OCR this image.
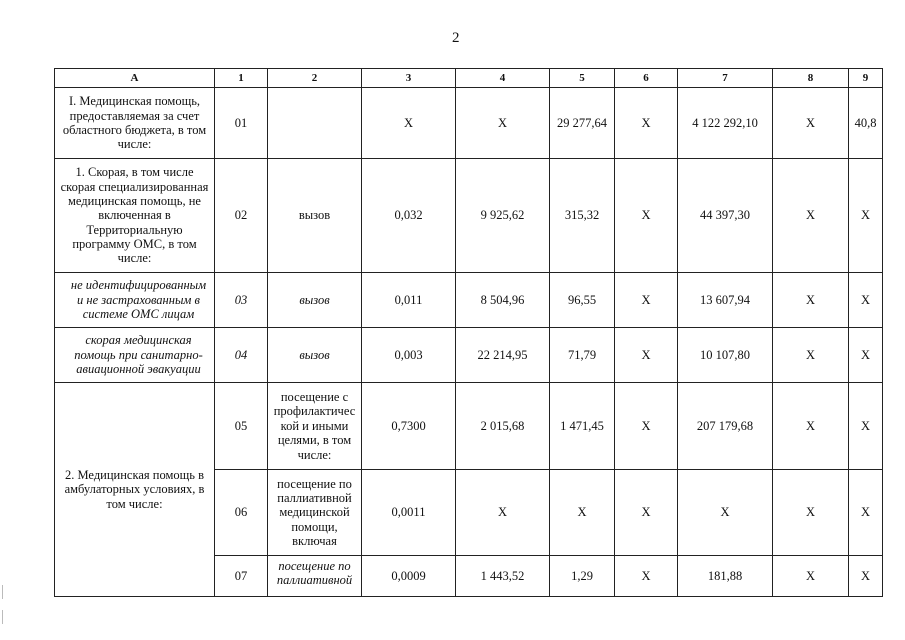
2
А	1	2	3	4	5	6	7	8	9
I. Медицинская помощь, предоставляемая за счет областного бюджета, в том числе:	01		X	X	29 277,64	X	4 122 292,10	X	40,8
1. Скорая, в том числе скорая специализированная медицинская помощь, не включенная в Территориальную программу ОМС, в том числе:	02	вызов	0,032	9 925,62	315,32	X	44 397,30	X	X
не идентифицированным и не застрахованным в системе ОМС лицам	03	вызов	0,011	8 504,96	96,55	X	13 607,94	X	X
скорая медицинская помощь при санитарно-авиационной эвакуации	04	вызов	0,003	22 214,95	71,79	X	10 107,80	X	X
2. Медицинская помощь в амбулаторных условиях, в том числе:	05	посещение с профилактичес кой и иными целями, в том числе:	0,7300	2 015,68	1 471,45	X	207 179,68	X	X
	06	посещение по паллиативной медицинской помощи, включая	0,0011	X	X	X	X	X	X
	07	посещение по паллиативной	0,0009	1 443,52	1,29	X	181,88	X	X
